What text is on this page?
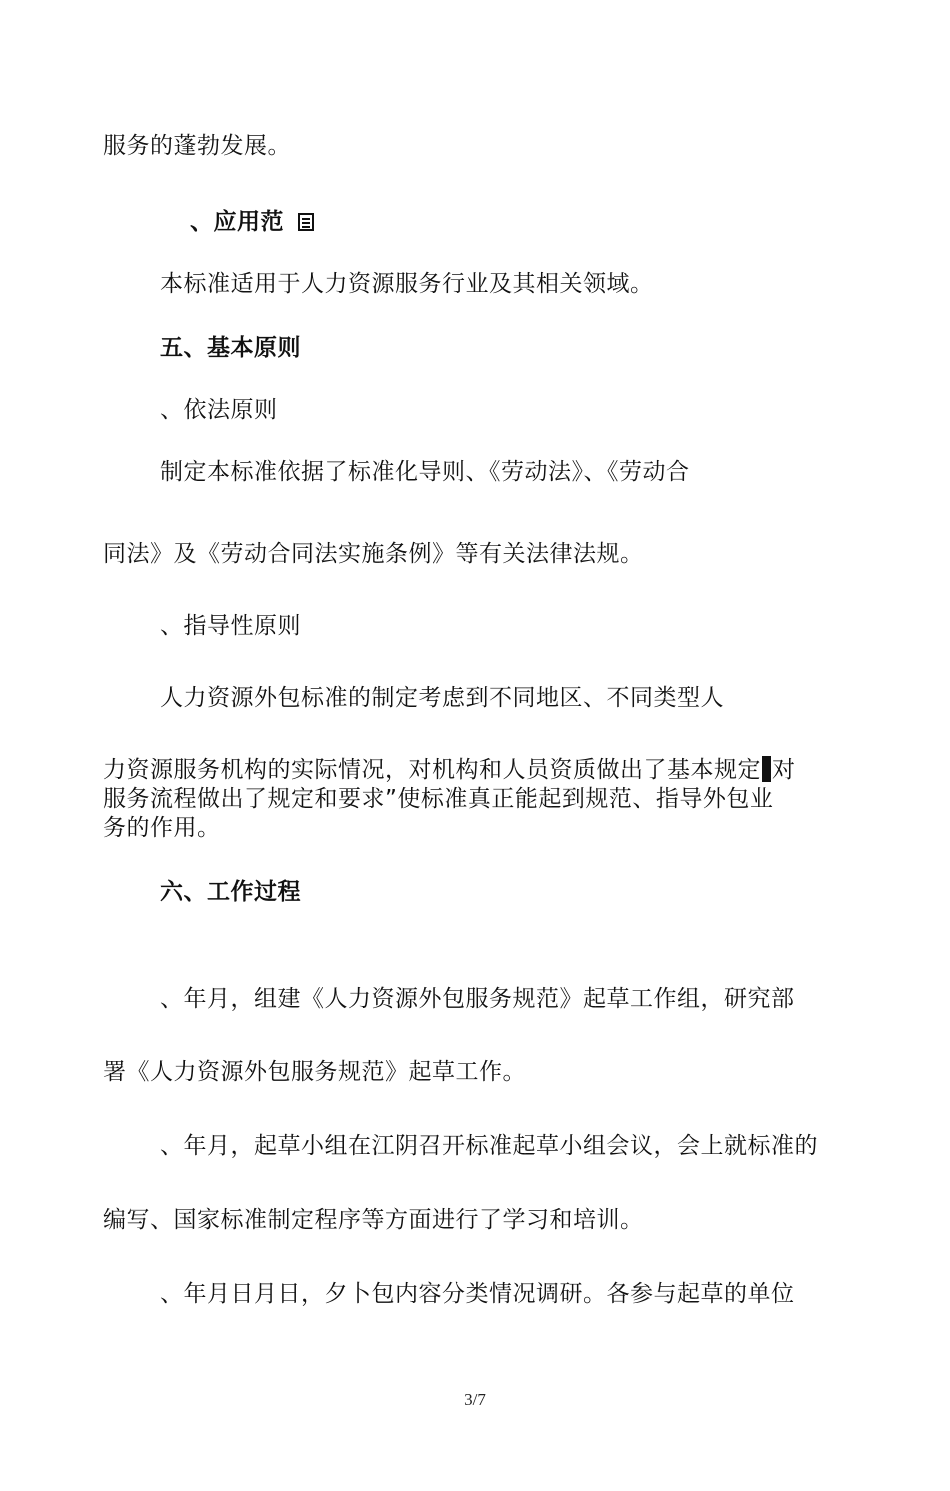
服务的蓬勃发展。
、应用范
本标准适用于人力资源服务行业及其相关领域。
五、基本原则
、依法原则
制定本标准依据了标准化导则、《劳动法》、《劳动合
同法》及《劳动合同法实施条例》等有关法律法规。
、指导性原则
人力资源外包标准的制定考虑到不同地区、不同类型人
力资源服务机构的实际情况，对机构和人员资质做出了基本规定 对
服务流程做出了规定和要求”使标准真正能起到规范、指导外包业
务的作用。
六、工作过程
、年月，组建《人力资源外包服务规范》起草工作组，研究部
署《人力资源外包服务规范》起草工作。
、年月，起草小组在江阴召开标准起草小组会议，会上就标准的
编写、国家标准制定程序等方面进行了学习和培训。
、年月日月日，夕卜包内容分类情况调研。各参与起草的单位
3/7
